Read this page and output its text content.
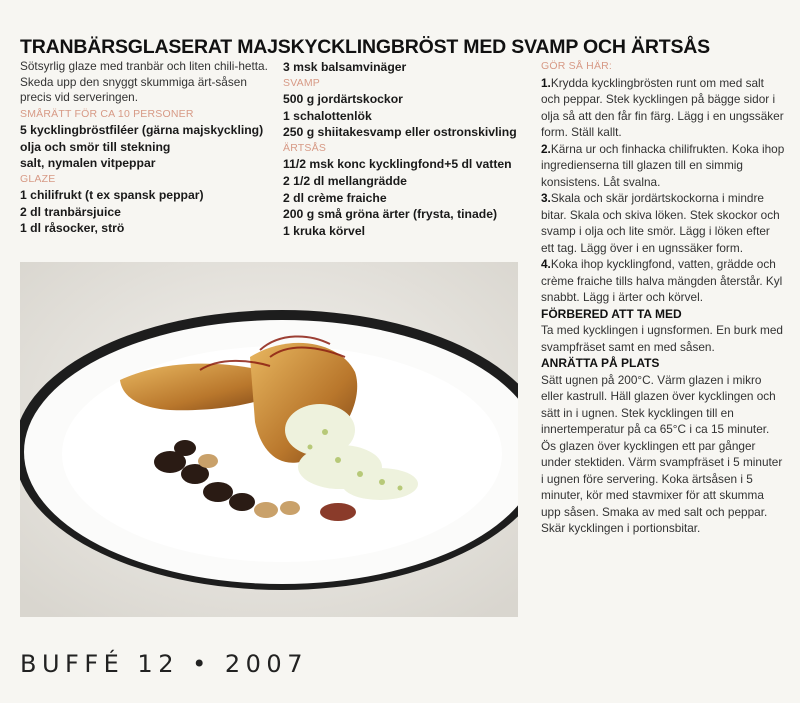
TRANBÄRSGLASERAT MAJSKYCKLINGBRÖST MED SVAMP OCH ÄRTSÅS
Sötsyrlig glaze med tranbär och liten chili-hetta. Skeda upp den snyggt skummiga ärt-såsen precis vid serveringen.
SMÅRÄTT FÖR CA 10 PERSONER
5 kycklingbröstfiléer (gärna majskyckling)
olja och smör till stekning
salt, nymalen vitpeppar
GLAZE
1 chilifrukt (t ex spansk peppar)
2 dl tranbärsjuice
1 dl råsocker, strö
3 msk balsamvinäger
SVAMP
500 g jordärtskockor
1 schalottenlök
250 g shiitakesvamp eller ostronskivling
ÄRTSÅS
11/2 msk konc kycklingfond+5 dl vatten
2 1/2 dl mellangrädde
2 dl crème fraiche
200 g små gröna ärter (frysta, tinade)
1 kruka körvel
GÖR SÅ HÄR:
1.Krydda kycklingbrösten runt om med salt och peppar. Stek kycklingen på bägge sidor i olja så att den får fin färg. Lägg i en ungssäker form. Ställ kallt.
2.Kärna ur och finhacka chilifrukten. Koka ihop ingredienserna till glazen till en simmig konsistens. Låt svalna.
3.Skala och skär jordärtskockorna i mindre bitar. Skala och skiva löken. Stek skockor och svamp i olja och lite smör. Lägg i löken efter ett tag. Lägg över i en ugnssäker form.
4.Koka ihop kycklingfond, vatten, grädde och crème fraiche tills halva mängden återstår. Kyl snabbt. Lägg i ärter och körvel.
FÖRBERED ATT TA MED
Ta med kycklingen i ugnsformen. En burk med svampfräset samt en med såsen.
ANRÄTTA PÅ PLATS
Sätt ugnen på 200°C. Värm glazen i mikro eller kastrull. Häll glazen över kycklingen och sätt in i ugnen. Stek kycklingen till en innertemperatur på ca 65°C i ca 15 minuter. Ös glazen över kycklingen ett par gånger under stektiden. Värm svampfräset i 5 minuter i ugnen före servering. Koka ärtsåsen i 5 minuter, kör med stavmixer för att skumma upp såsen. Smaka av med salt och peppar. Skär kycklingen i portionsbitar.
BUFFÉ 12 • 2007
